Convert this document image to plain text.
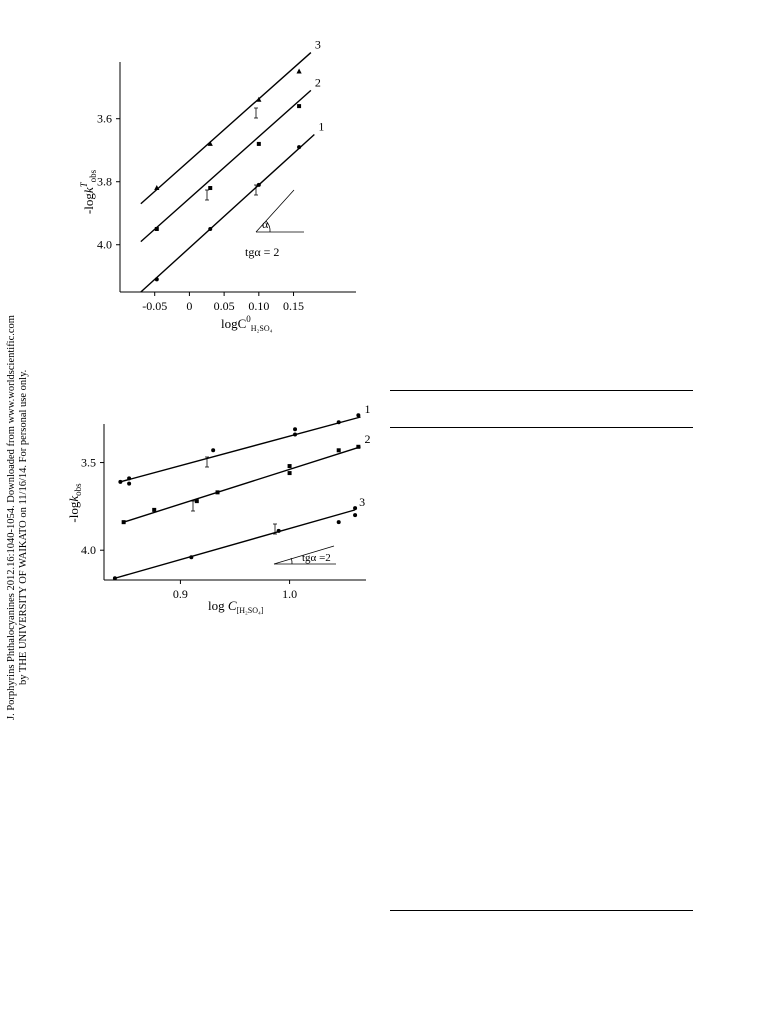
J. Porphyrins Phthalocyanines 2012.16:1040-1054. Downloaded from www.worldscientific.com by THE UNIVERSITY OF WAIKATO on 11/16/14. For personal use only.
1
2
3
-0.05 0 0.05 0.10 0.15
3.6
3.8
4.0
-logk$^T_{obs}$
logC$^0_{H_2SO_4}$
α
tgα = 2
1
2
3
0.9	1.0
3.5
4.0
-logk$_{obs}$
$\log C_{[H_2SO_4]}$
tgα =2
